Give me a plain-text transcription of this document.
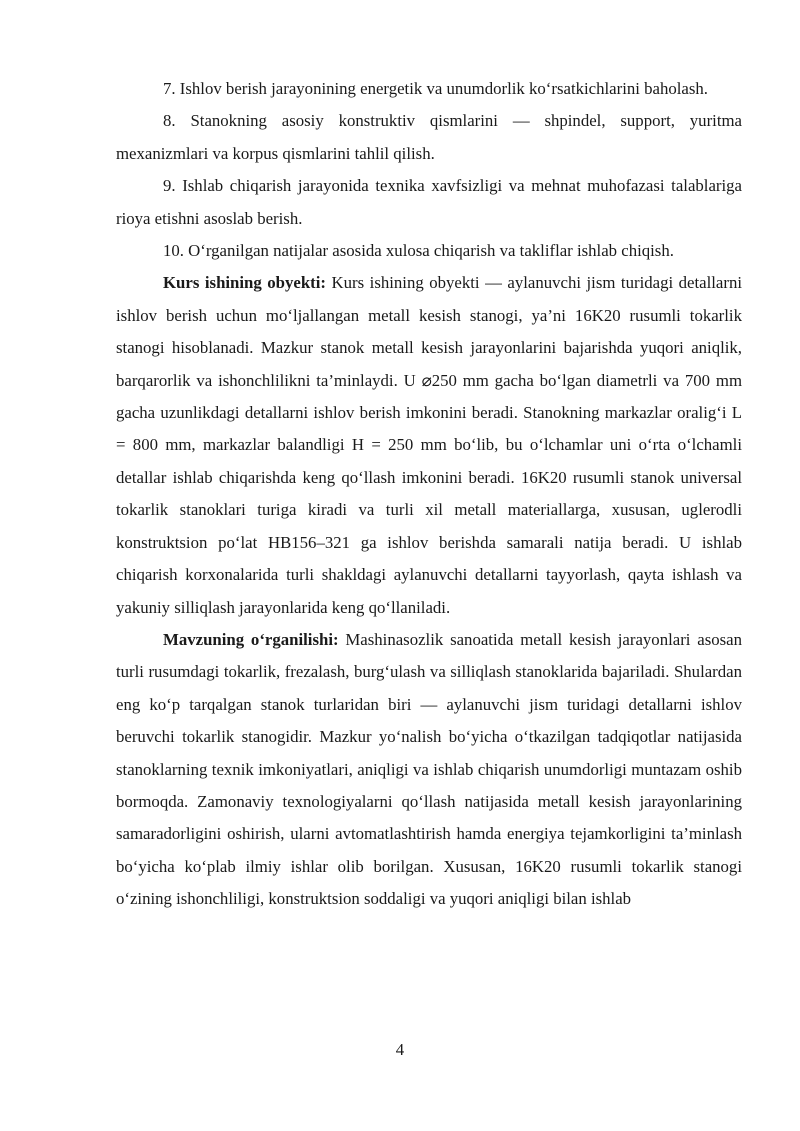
7. Ishlov berish jarayonining energetik va unumdorlik ko‘rsatkichlarini baholash.

8. Stanokning asosiy konstruktiv qismlarini — shpindel, support, yuritma mexanizmlari va korpus qismlarini tahlil qilish.

9. Ishlab chiqarish jarayonida texnika xavfsizligi va mehnat muhofazasi talablariga rioya etishni asoslab berish.

10. O‘rganilgan natijalar asosida xulosa chiqarish va takliflar ishlab chiqish.

Kurs ishining obyekti: Kurs ishining obyekti — aylanuvchi jism turidagi detallarni ishlov berish uchun mo‘ljallangan metall kesish stanogi, ya’ni 16K20 rusumli tokarlik stanogi hisoblanadi. Mazkur stanok metall kesish jarayonlarini bajarishda yuqori aniqlik, barqarorlik va ishonchlilikni ta’minlaydi. U ⌀250 mm gacha bo‘lgan diametrli va 700 mm gacha uzunlikdagi detallarni ishlov berish imkonini beradi. Stanokning markazlar oralig‘i L = 800 mm, markazlar balandligi H = 250 mm bo‘lib, bu o‘lchamlar uni o‘rta o‘lchamli detallar ishlab chiqarishda keng qo‘llash imkonini beradi. 16K20 rusumli stanok universal tokarlik stanoklari turiga kiradi va turli xil metall materiallarga, xususan, uglerodli konstruktsion po‘lat HB156–321 ga ishlov berishda samarali natija beradi. U ishlab chiqarish korxonalarida turli shakldagi aylanuvchi detallarni tayyorlash, qayta ishlash va yakuniy silliqlash jarayonlarida keng qo‘llaniladi.

Mavzuning o‘rganilishi: Mashinasozlik sanoatida metall kesish jarayonlari asosan turli rusumdagi tokarlik, frezalash, burg‘ulash va silliqlash stanoklarida bajariladi. Shulardan eng ko‘p tarqalgan stanok turlaridan biri — aylanuvchi jism turidagi detallarni ishlov beruvchi tokarlik stanogidir. Mazkur yo‘nalish bo‘yicha o‘tkazilgan tadqiqotlar natijasida stanoklarning texnik imkoniyatlari, aniqligi va ishlab chiqarish unumdorligi muntazam oshib bormoqda. Zamonaviy texnologiyalarni qo‘llash natijasida metall kesish jarayonlarining samaradorligini oshirish, ularni avtomatlashtirish hamda energiya tejamkorligini ta’minlash bo‘yicha ko‘plab ilmiy ishlar olib borilgan. Xususan, 16K20 rusumli tokarlik stanogi o‘zining ishonchliligi, konstruktsion soddaligi va yuqori aniqligi bilan ishlab

4
